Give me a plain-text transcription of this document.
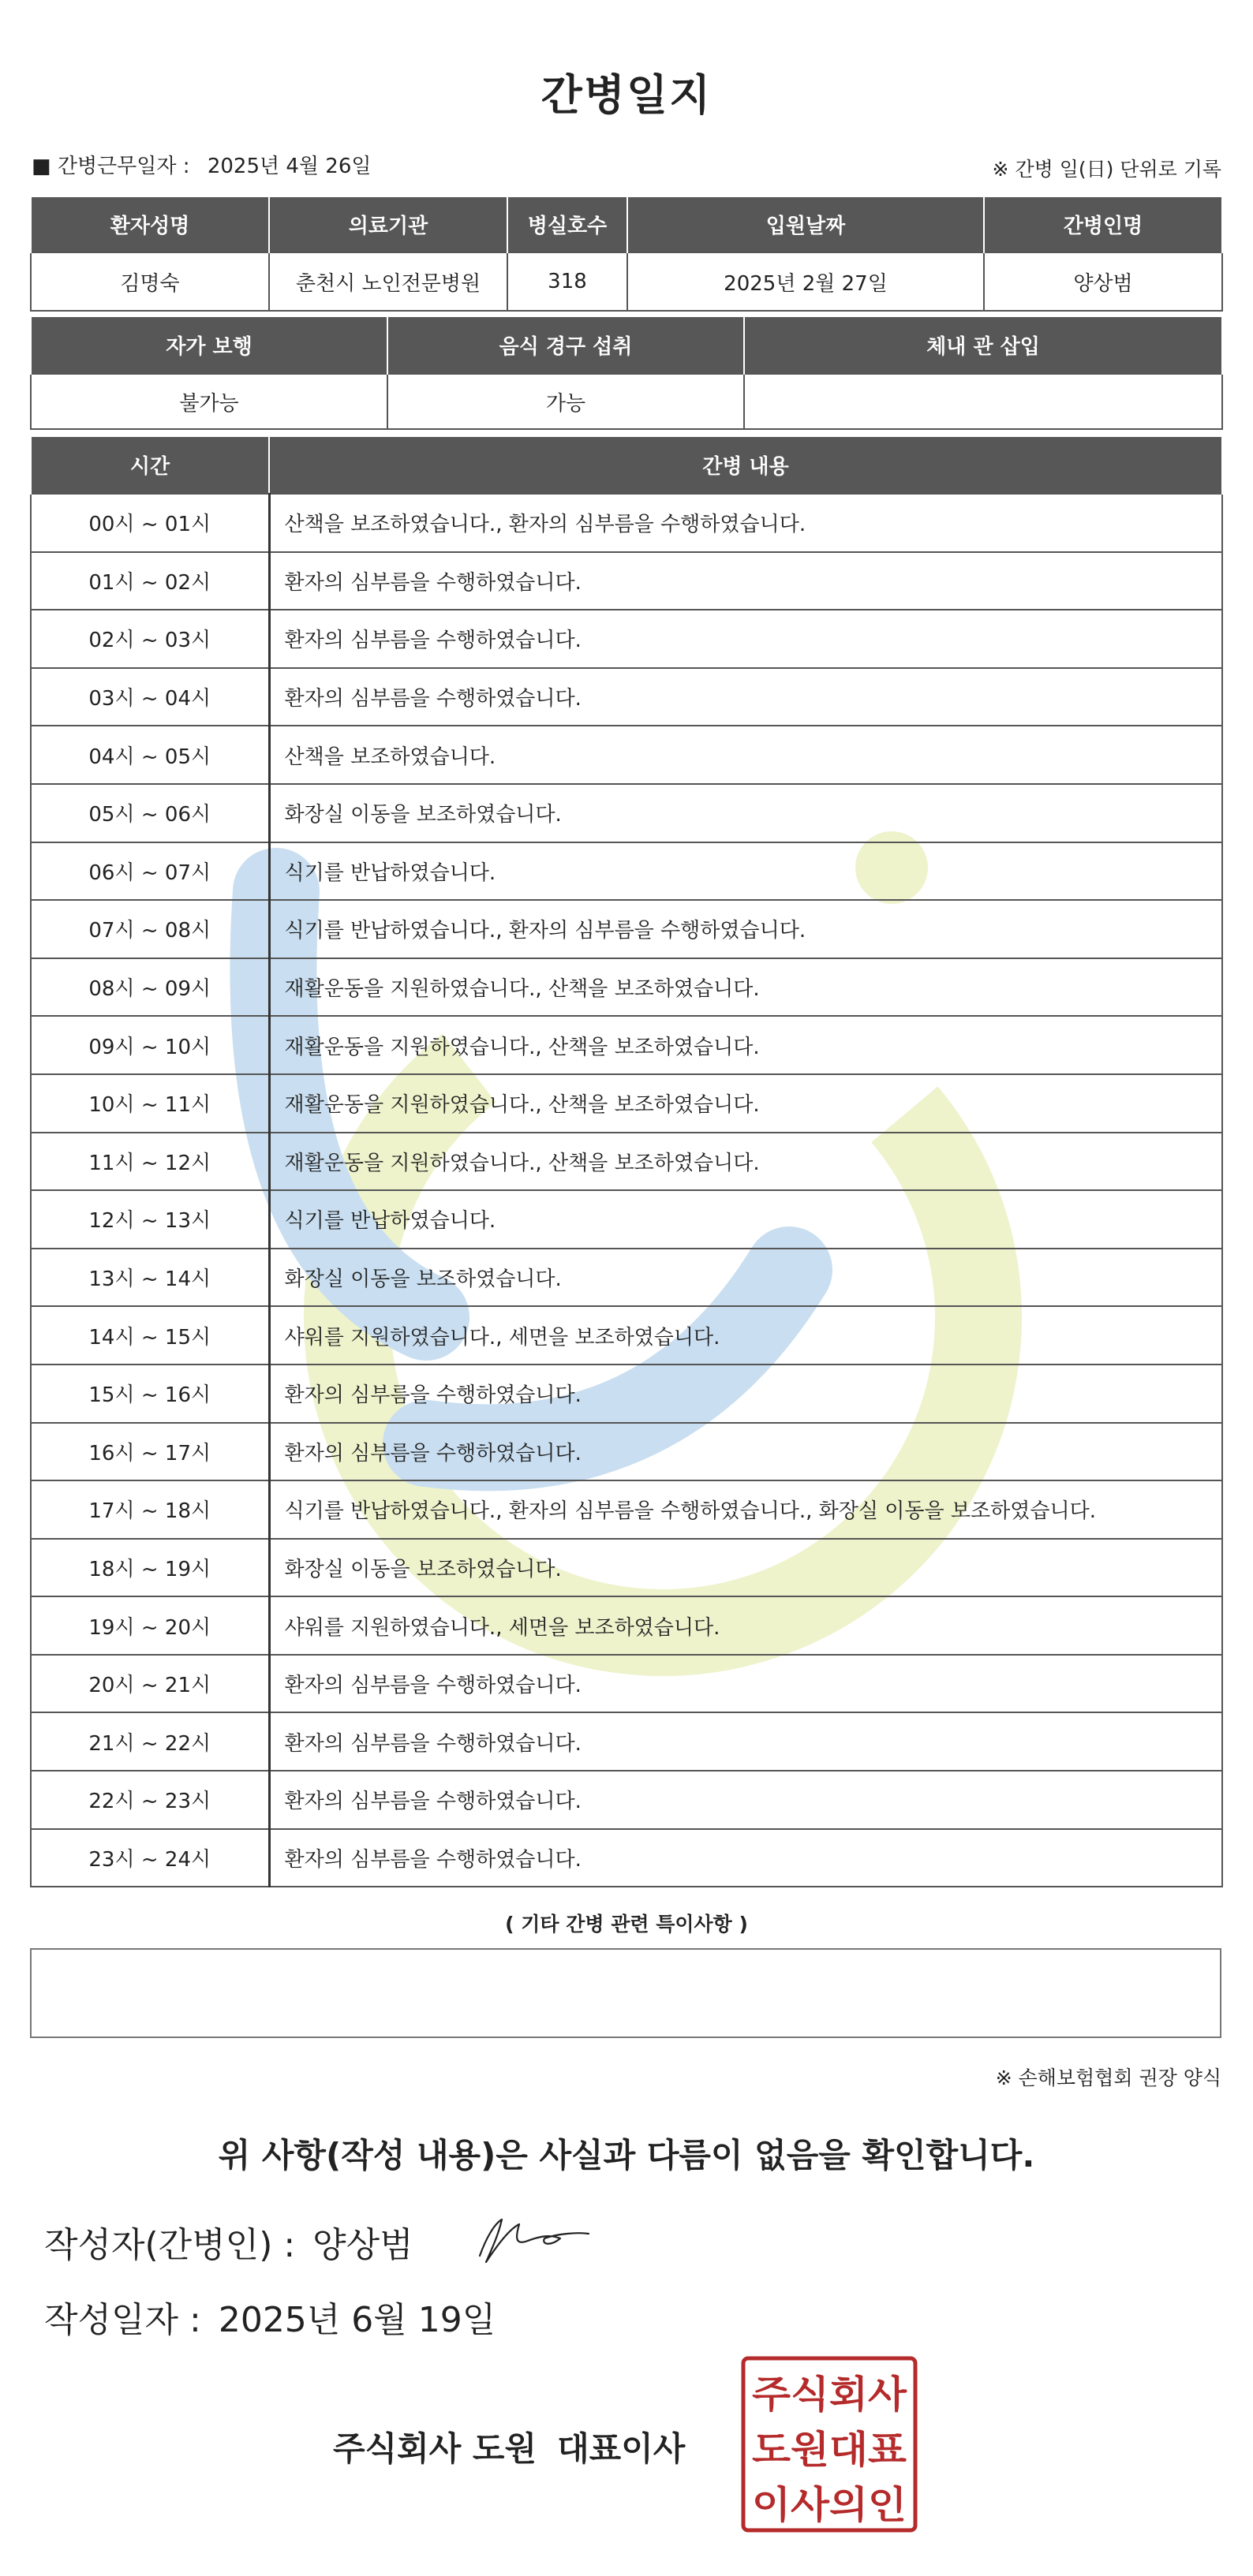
간병일지
■ 간병근무일자 : 2025년 4월 26일	※ 간병 일(日) 단위로 기록
환자성명	의료기관	병실호수	입원날짜	간병인명
김명숙	춘천시 노인전문병원	318	2025년 2월 27일	양상범
자가 보행	음식 경구 섭취	체내 관 삽입
불가능	가능	
시간	간병 내용
00시 ~ 01시	산책을 보조하였습니다., 환자의 심부름을 수행하였습니다.
01시 ~ 02시	환자의 심부름을 수행하였습니다.
02시 ~ 03시	환자의 심부름을 수행하였습니다.
03시 ~ 04시	환자의 심부름을 수행하였습니다.
04시 ~ 05시	산책을 보조하였습니다.
05시 ~ 06시	화장실 이동을 보조하였습니다.
06시 ~ 07시	식기를 반납하였습니다.
07시 ~ 08시	식기를 반납하였습니다., 환자의 심부름을 수행하였습니다.
08시 ~ 09시	재활운동을 지원하였습니다., 산책을 보조하였습니다.
09시 ~ 10시	재활운동을 지원하였습니다., 산책을 보조하였습니다.
10시 ~ 11시	재활운동을 지원하였습니다., 산책을 보조하였습니다.
11시 ~ 12시	재활운동을 지원하였습니다., 산책을 보조하였습니다.
12시 ~ 13시	식기를 반납하였습니다.
13시 ~ 14시	화장실 이동을 보조하였습니다.
14시 ~ 15시	샤워를 지원하였습니다., 세면을 보조하였습니다.
15시 ~ 16시	환자의 심부름을 수행하였습니다.
16시 ~ 17시	환자의 심부름을 수행하였습니다.
17시 ~ 18시	식기를 반납하였습니다., 환자의 심부름을 수행하였습니다., 화장실 이동을 보조하였습니다.
18시 ~ 19시	화장실 이동을 보조하였습니다.
19시 ~ 20시	샤워를 지원하였습니다., 세면을 보조하였습니다.
20시 ~ 21시	환자의 심부름을 수행하였습니다.
21시 ~ 22시	환자의 심부름을 수행하였습니다.
22시 ~ 23시	환자의 심부름을 수행하였습니다.
23시 ~ 24시	환자의 심부름을 수행하였습니다.
( 기타 간병 관련 특이사항 )
※ 손해보험협회 권장 양식
위 사항(작성 내용)은 사실과 다름이 없음을 확인합니다.
작성자(간병인) : 양상범
작성일자 : 2025년 6월 19일
주식회사 도원 대표이사
주식회사
도원대표
이사의인
